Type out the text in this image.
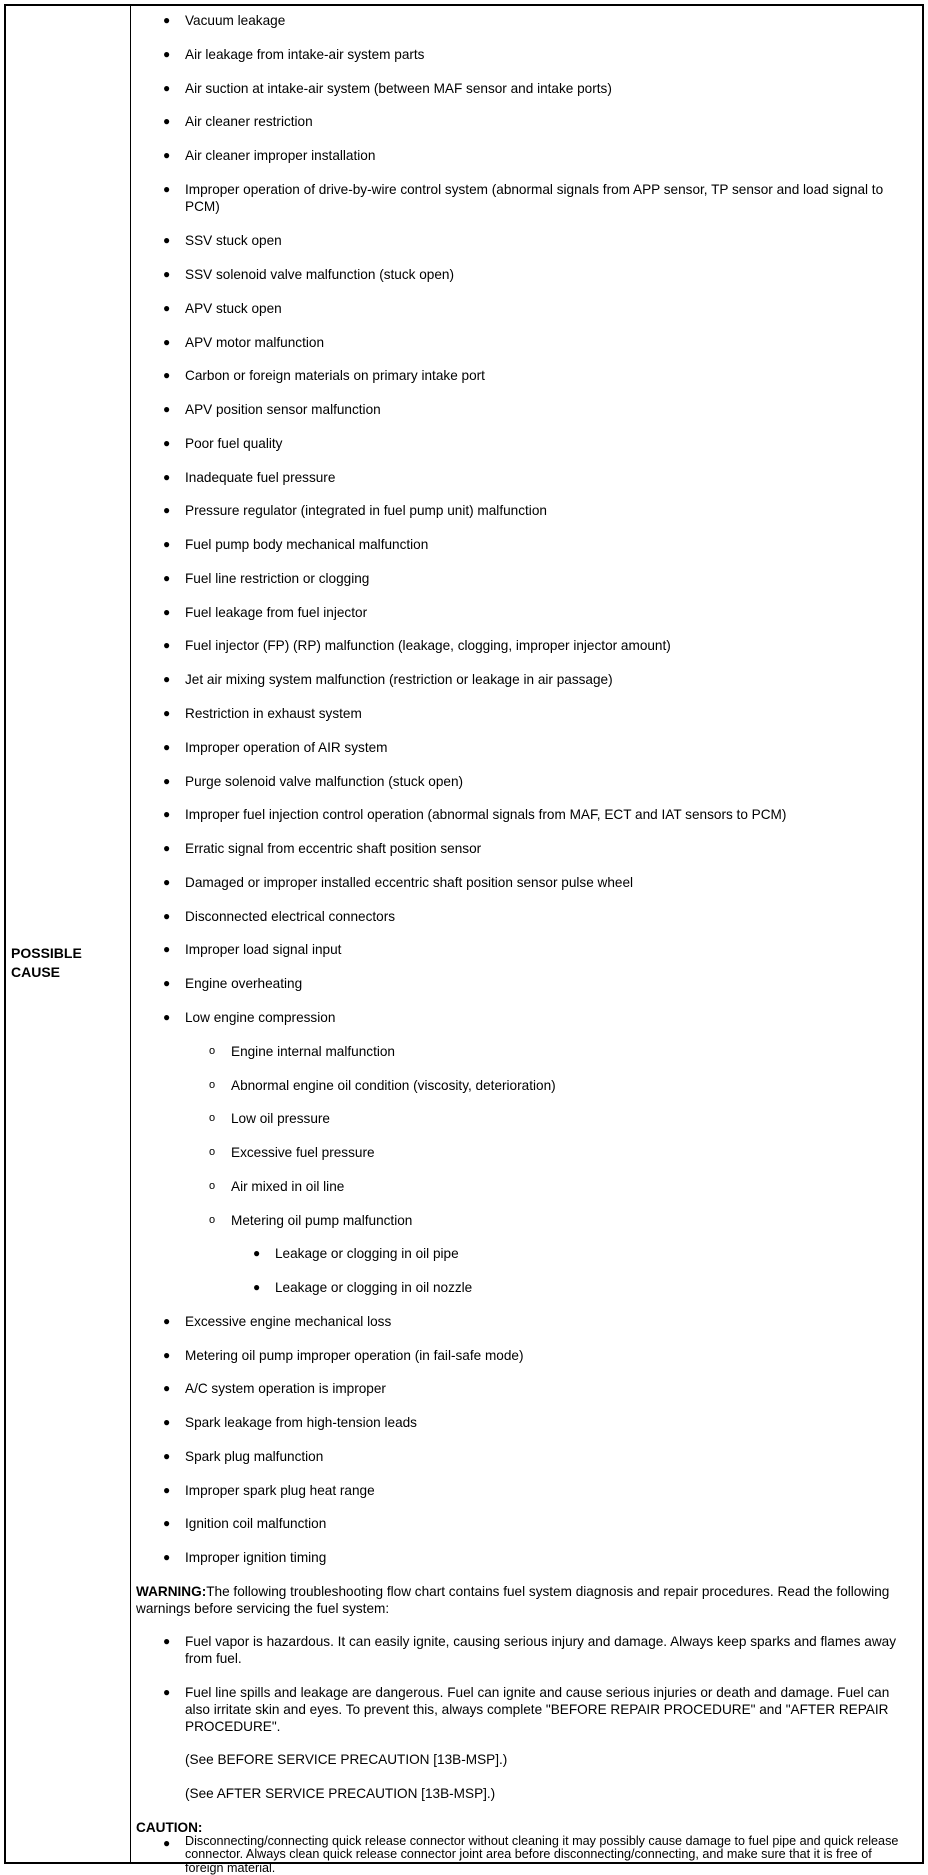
POSSIBLE
CAUSE
● Vacuum leakage
● Air leakage from intake-air system parts
● Air suction at intake-air system (between MAF sensor and intake ports)
● Air cleaner restriction
● Air cleaner improper installation
● Improper operation of drive-by-wire control system (abnormal signals from APP sensor, TP sensor and load signal to PCM)
● SSV stuck open
● SSV solenoid valve malfunction (stuck open)
● APV stuck open
● APV motor malfunction
● Carbon or foreign materials on primary intake port
● APV position sensor malfunction
● Poor fuel quality
● Inadequate fuel pressure
● Pressure regulator (integrated in fuel pump unit) malfunction
● Fuel pump body mechanical malfunction
● Fuel line restriction or clogging
● Fuel leakage from fuel injector
● Fuel injector (FP) (RP) malfunction (leakage, clogging, improper injector amount)
● Jet air mixing system malfunction (restriction or leakage in air passage)
● Restriction in exhaust system
● Improper operation of AIR system
● Purge solenoid valve malfunction (stuck open)
● Improper fuel injection control operation (abnormal signals from MAF, ECT and IAT sensors to PCM)
● Erratic signal from eccentric shaft position sensor
● Damaged or improper installed eccentric shaft position sensor pulse wheel
● Disconnected electrical connectors
● Improper load signal input
● Engine overheating
● Low engine compression
o Engine internal malfunction
o Abnormal engine oil condition (viscosity, deterioration)
o Low oil pressure
o Excessive fuel pressure
o Air mixed in oil line
o Metering oil pump malfunction
● Leakage or clogging in oil pipe
● Leakage or clogging in oil nozzle
● Excessive engine mechanical loss
● Metering oil pump improper operation (in fail-safe mode)
● A/C system operation is improper
● Spark leakage from high-tension leads
● Spark plug malfunction
● Improper spark plug heat range
● Ignition coil malfunction
● Improper ignition timing
WARNING:The following troubleshooting flow chart contains fuel system diagnosis and repair procedures. Read the following warnings before servicing the fuel system:
● Fuel vapor is hazardous. It can easily ignite, causing serious injury and damage. Always keep sparks and flames away from fuel.
● Fuel line spills and leakage are dangerous. Fuel can ignite and cause serious injuries or death and damage. Fuel can also irritate skin and eyes. To prevent this, always complete "BEFORE REPAIR PROCEDURE" and "AFTER REPAIR PROCEDURE".
(See BEFORE SERVICE PRECAUTION [13B-MSP].)
(See AFTER SERVICE PRECAUTION [13B-MSP].)
CAUTION:
● Disconnecting/connecting quick release connector without cleaning it may possibly cause damage to fuel pipe and quick release connector. Always clean quick release connector joint area before disconnecting/connecting, and make sure that it is free of foreign material.
